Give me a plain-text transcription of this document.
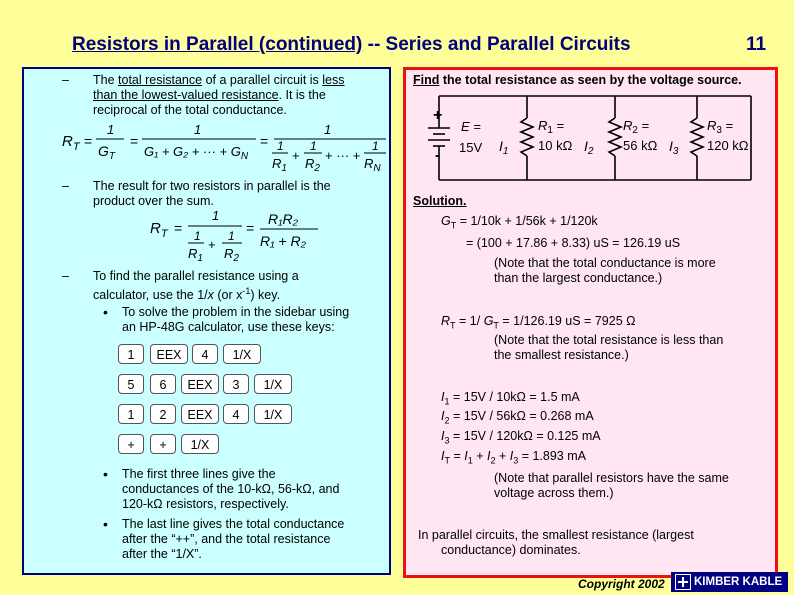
Resistors in Parallel (continued) -- Series and Parallel Circuits	11
– The total resistance of a parallel circuit is less
than the lowest-valued resistance. It is the
reciprocal of the total conductance.
$R_T$ =
1
$G_T$
=
1
G₁ + G₂ + ··· + $G_N$
=
1
1
$R_1$
+
1
$R_2$
+ ··· +
1
$R_N$
– The result for two resistors in parallel is the
product over the sum.
$R_T$ =
1
1
$R_1$
+
1
$R_2$
=
R₁R₂
R₁ + R₂
– To find the parallel resistance using a
calculator, use the 1/x (or $x^{-1}$) key.
• To solve the problem in the sidebar using
an HP-48G calculator, use these keys:
1	EEX	4	1/X
5	6	EEX	3	1/X
1	2	EEX	4	1/X
+	+	1/X
• The first three lines give the
conductances of the 10-kΩ, 56-kΩ, and
120-kΩ resistors, respectively.
• The last line gives the total conductance
after the “++”, and the total resistance
after the “1/X”.
Find the total resistance as seen by the voltage source.
+
-
E =
15V $I_1$	$I_2$	$I_3$
$R_1$ =
10 kΩ
$R_2$ =
56 kΩ
$R_3$ =
120 kΩ
Solution.
$G_T = 1/10k + 1/56k + 1/120k$
= (100 + 17.86 + 8.33) uS = 126.19 uS
(Note that the total conductance is more
than the largest conductance.)
$R_T = 1/$ $G_T = 1/126.19$ uS = 7925 Ω
(Note that the total resistance is less than
the smallest resistance.)
$I_1 = 15V / 10k\Omega = 1.5$ mA
$I_2 = 15V / 56k\Omega = 0.268$ mA
$I_3 = 15V / 120k\Omega = 0.125$ mA
$I_T = I_1 + I_2 + I_3 = 1.893$ mA
(Note that parallel resistors have the same
voltage across them.)
In parallel circuits, the smallest resistance (largest
conductance) dominates.
Copyright 2002	KIMBER KABLE
